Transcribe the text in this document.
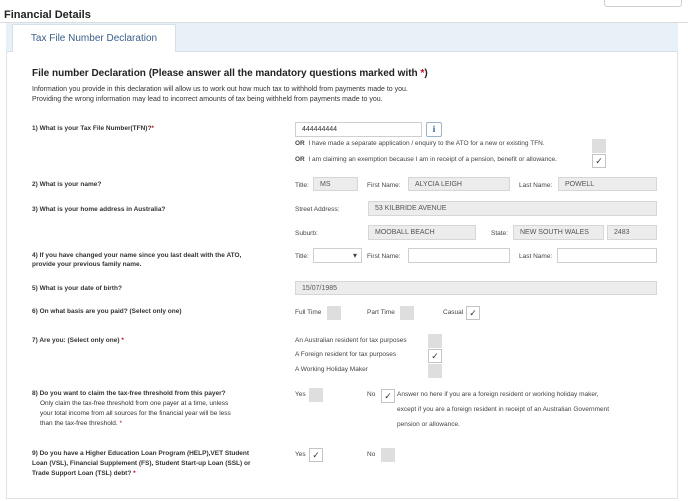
Financial Details
Tax File Number Declaration
File number Declaration (Please answer all the mandatory questions marked with *)
Information you provide in this declaration will allow us to work out how much tax to withhold from payments made to you.
Providing the wrong information may lead to incorrect amounts of tax being withheld from payments made to you.
1) What is your Tax File Number(TFN)?*	444444444	i
OR I have made a separate application / enquiry to the ATO for a new or existing TFN.
OR I am claiming an exemption because I am in receipt of a pension, benefit or allowance.	✓
2) What is your name?	Title:	MS	First Name:	ALYCIA LEIGH	Last Name:	POWELL
3) What is your home address in Australia?	Street Address:	53 KILBRIDE AVENUE
Suburb:	MOOBALL BEACH	State:	NEW SOUTH WALES	2483
4) If you have changed your name since you last dealt with the ATO,
provide your previous family name.
Title:	▾ First Name:	Last Name:
5) What is your date of birth?	15/07/1985
6) On what basis are you paid? (Select only one)	Full Time	Part Time	Casual ✓
7) Are you: (Select only one) *	An Australian resident for tax purposes
A Foreign resident for tax purposes	✓
A Working Holiday Maker
8) Do you want to claim the tax-free threshold from this payer?
Only claim the tax-free threshold from one payer at a time, unless
your total income from all sources for the financial year will be less
than the tax-free threshold. *
Yes	No ✓ Answer no here if you are a foreign resident or working holiday maker,
except if you are a foreign resident in receipt of an Australian Government
pension or allowance.
9) Do you have a Higher Education Loan Program (HELP),VET Student
Loan (VSL), Financial Supplement (FS), Student Start-up Loan (SSL) or
Trade Support Loan (TSL) debt? *
Yes ✓	No
